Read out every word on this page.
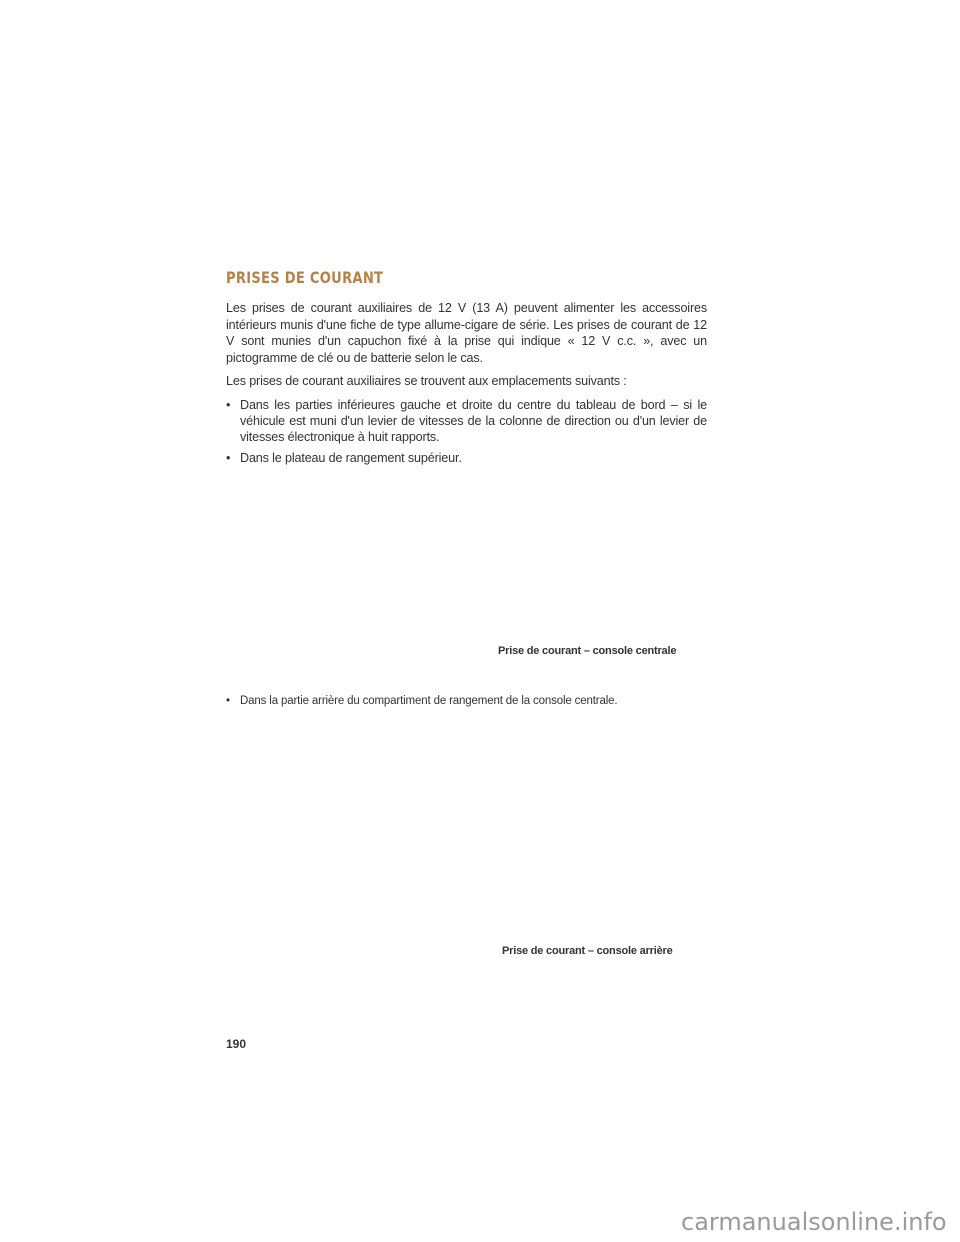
PRISES DE COURANT

Les prises de courant auxiliaires de 12 V (13 A) peuvent alimenter les accessoires intérieurs munis d'une fiche de type allume-cigare de série. Les prises de courant de 12 V sont munies d'un capuchon fixé à la prise qui indique « 12 V c.c. », avec un pictogramme de clé ou de batterie selon le cas.

Les prises de courant auxiliaires se trouvent aux emplacements suivants :

• Dans les parties inférieures gauche et droite du centre du tableau de bord – si le véhicule est muni d'un levier de vitesses de la colonne de direction ou d'un levier de vitesses électronique à huit rapports.
• Dans le plateau de rangement supérieur.
Prise de courant – console centrale
• Dans la partie arrière du compartiment de rangement de la console centrale.
Prise de courant – console arrière
190
carmanualsonline.info
